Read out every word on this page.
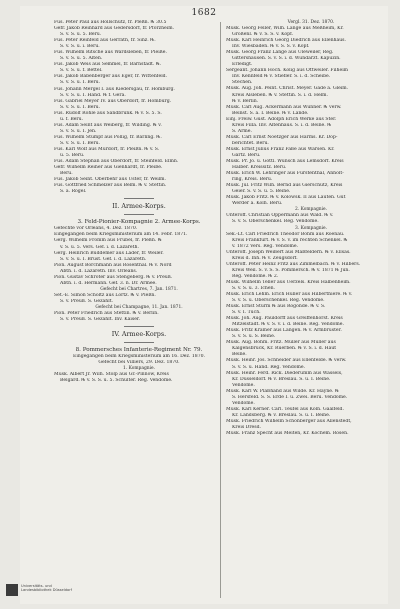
1682
Füs. Peter Paul aus Hollschütz, fr. Pleßn. ℞ 30.5
Gefr. Jakob Reinhard aus Gedersdorf, fr. Pforzheim.
S. v. S. u. 5. Beru.
Füs. Peter Reinfeld aus Gerrath, fr. Sinz. ℞.
S. v. S. u. i. Beru.
Füs. Wilhelm Ritsche aus Wardsleben, fr. Pleiße.
S. v. S. u. 5. Alten.
Füs. Jakob Weis aus Semmel, fr. Barnstadt. ℞.
S. v. S. u. f. Bettel.
Füs. Jakob Babenberger aus Eger, fr. Wittenfeld.
S. v. S. u. I. Beru.
Füs. Johann Mergel I. aus Kiedersgau, fr. Homburg.
S. v. S. u. I. Hand. ℞ f. Gera.
Füs. Gabriel Meyer IV. aus Oberdorf, fr. Homburg.
S. v. S. u. I. Beru.
Füs. Rudolf Röhle aus Sandbrunk. ℞ v. S. 5. S.
u. f. Beru.
Füs. Adam Seint aus Weiberg, fr. Wilding. ℞ v.
S. v. S. u. I. Jen.
Füs. Wilhelm Stumpf aus Pöllig, fr. Barling. ℞.
S. v. S. u. I. Beru.
Füs. Karl Wolf aus Murdorf, fr. Pleißn. ℞ v. S.
u. 5. Beru.
Füs. Adam Stephan aus Oberdorf, fr. Steinfeld. Elmn.
Gefr. Wilhelm Reiher aus Gienhardt, fr. Pleiße.
Beru.
Füs. Jakob Seint. Oberbehr aus Uster, fr. Weilm.
Füs. Gottfried Schmelzer aus Belm. ℞ v. Stettin.
S. a. Rogel.
II. Armee-Korps.
3. Feld-Pionier-Kompagnie 2. Armee-Korps.
Gefechte vor Orleans, 4. Dez. 1870.
Eingegangen beim Kriegsministerium am 14. Febr. 1871.
Gerg. Wilhelm Fromm aus Frübel, fr. Pleßn. ℞
v. S. u. 5. Vers. Gef. i. d. Lazareth.
Gerg. Heinrich Buddemer aus Lader, fr. Weiler.
S. v. S. u. I. Brust. Gef. i. d. Lazareth.
Pion. August Borchmann aus Rosenthal. ℞ v. Nord
Abth. i. d. Lazareth. Inv. Orleans.
Pion. Gustav Schröter aus Stengeberg. ℞ v. Preuß.
Abth. i. d. Hermann. Gef. 3. n. Dr. Armee.
Gefecht bei Chartres, 7. Jan. 1871.
Set.-E. Simon Scholtz aus Lortz. ℞ v. Pleßn.
S. v. Preuß. S. Gezahlt.
Gefecht bei Champagne, 11. Jan. 1871.
Pion. Peter Friedrich aus Stettin. ℞ v. Berlin.
S. v. Preuß. S. Gezahlt. Inv. Kaiser.
IV. Armee-Korps.
8. Pommersches Infanterie-Regiment Nr. 79.
Eingegangen beim Kriegsministerium am 16. Dez. 1870.
Gefecht bei Villiers, 29. Dez. 1870.
1. Kompagnie.
Musk. Albert Jr. Wilh. Stolp aus Gr.-Pinnow, Kreis
Belgard. ℞ v. S. S. u. 5. Schulter. Reg. Vendome.
Vergl. 31. Dez. 1870.
Musk. Georg Feller, Wilh. Lange aus Meßheim, Kr.
Großenl. ℞ v. S. S. v. Kopf.
Musk. Karl Heinrich Georg Diedrich aus Ellenhaus.
Inv. Wiesbaden. ℞ v. S. S. v. Kopf.
Musk. Georg Franz Lange aus Uleweiler, Reg.
Gittershausen. S. v. S. i. d. Wundarzt. Kapuzin.
Erledigt.
Sergeant. Johann Hoch. Kolig aus Ottweiler. Filheim
Inv. Kennfeld ℞ v. Stiefler. S. i. d. Scheibe.
Stechen.
Musk. Aug. Joh. Peint. Christ. Meyer. Gade a. Gleim.
Kreis Alsleben. ℞ v. Stettin. S. i. d. Helm.
℞ v. Berlin.
Musk. Carl Aug. Ackermann aus Wunner. ℞ verw.
Beinst. S. a. I. Beine. ℞ v. Lande.
Einj. Freiw. Gust. Adolph Erich Werke aus Ster.
Kreis Filla. Inv. Altenhaus. S. i. d. Beine. ℞
S. Arme.
Musk. Carl Ernst Noetzger aus Harms. Kr. Dop-
berichtet. Beru.
Musk. Ernst Julius Franz Fäße aus Warsen. Kr.
Gartz. Beru.
Musk. Pr. Jo. u. Gottl. Wunsch aus Lemsdorf. Kreis
Halber. Kreissitz. Beru.
Musk. Erich W. Lehringer aus Fürstenthal, Anholt-
ring, Kreis. Beru.
Musk. Jul. Fritz Wilh. Bernd aus Gierschütz, Kreis
Geier. S. v. S. u. 5. Beine.
Musk. Jakob Fritz. ℞ v. Kolowsk. II aus Lauten. Gut
Werder a. Kolh. Beru.
2. Kompagnie.
Unteroff. Christian Oppermann aus Wald. ℞ v.
S. v. S. Oberschenkel. Reg. Vendome.
3. Kompagnie.
Sek.-Lt. Carl Friedrich Theodor Böhm aus Roenau.
Kreis Frankfurt. ℞ v. S. v. im rechten Schenkel. ℞
v. 1872 Vers. Reg. Vendome.
Unteroff. Joseph Weißert aus Maßfeldern. ℞ v. Ellsas.
Kreis d. Inh. ℞ v. Zeugsdorf.
Unteroff. Peter Heinz Fritz aus Zimmelbach. ℞ v. Hilbers.
Kreis Weil. S. v. S. S. Pommersch. ℞ v. 1871 ℞ Jun.
Reg. Vendome. ℞ 2.
Musk. Wilhelm Teller aus Uerzels. Kreis Halbenheim.
S. v. S. u. 3. Ichen.
Musk. Erich Lehm. Erich Hüller aus Hilberthiere. ℞ v.
S. v. S. u. Oberschenkel. Reg. Vendome.
Musk. Ernst Sturm ℞ aus Rogonde. ℞ v. S.
S. v. I. Tuch.
Musk. Joh. Aug. Pauldorff aus Greiffenhorst. Kreis
Mitzelstadt. ℞ v. S. v. i. d. Beine. Reg. Vendome.
Musk. Fritz Kramer aus Langen. ℞ v. Armbruster.
S. v. S. u. S. Beine.
Musk. Aug. Bohm. Fritz. Müller aus Müller aus
Kalgensbrück, Kr. Ruerben. ℞ v. S. i. d. Haut
Beine.
Musk. Heinr. Jos. Schneider aus Ellenfelde. ℞ verw.
S. v. S. u. Hand. Reg. Vendome.
Musk. Heinr. Ferd. Rick. Diederumm aus Wassels,
Kr. Düsseldorf. ℞ v. Breslau. S. u. I. Beine.
Vendome.
Musk. Karl W. Plaßhand aus Wilde. Kr. Hayne. ℞
S. Hersfeld. S. S. Erde I. u. Zwei. Beru. Vendome.
Vendome.
Musk. Karl Kerner. Carl. Teufel aus Köln. Gaalfeld.
Kr. Landsberg. ℞ v. Breslau. S. u. I. Beine.
Musk. Friedrich Wilhelm Schönberger aus Allenstedt,
Kreis Dresd.
Musk. Franz Specht aus Meiten, Kr. Kochem. Rosen.
Universitäts- und
Landesbibliothek Düsseldorf
